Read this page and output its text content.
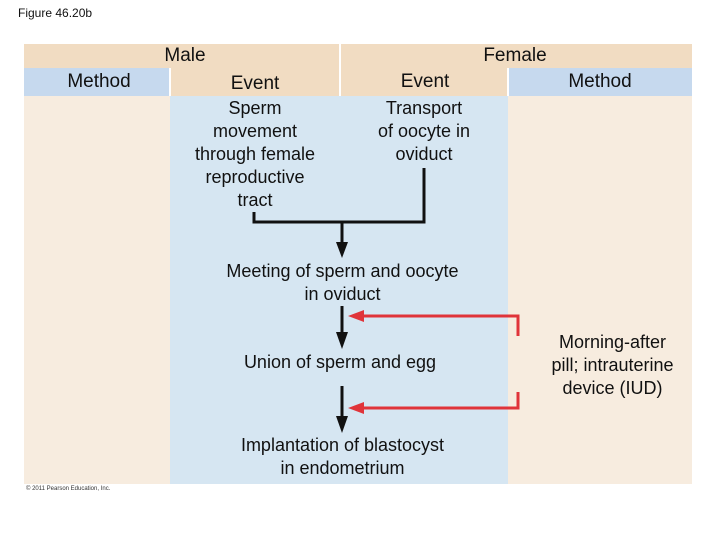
Figure 46.20b
Male	Female
Method	Event	Event	Method
Sperm
movement
through female
reproductive
tract
Transport
of oocyte in
oviduct
Meeting of sperm and oocyte
in oviduct
Union of sperm and egg
Implantation of blastocyst
in endometrium
Morning-after
pill; intrauterine
device (IUD)
© 2011 Pearson Education, Inc.
